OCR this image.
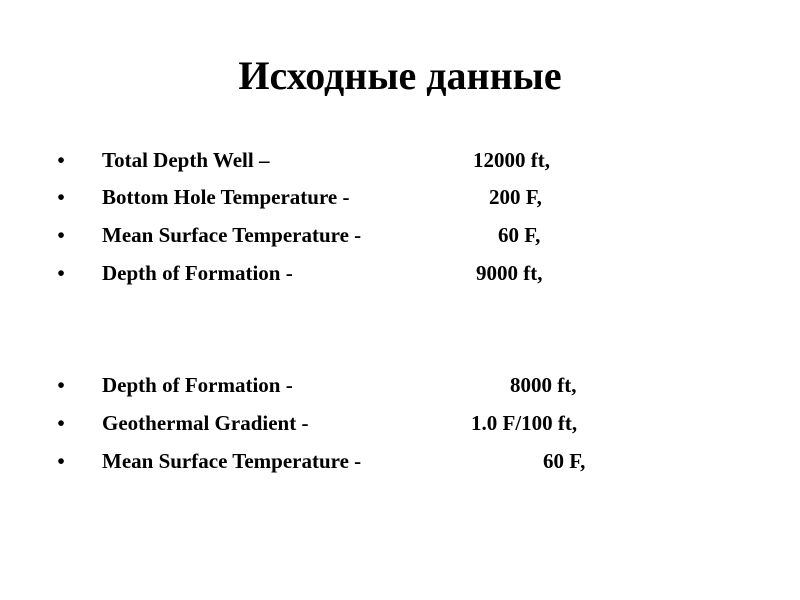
Исходные данные
• Total Depth Well –	12000 ft,
• Bottom Hole Temperature -	200 F,
• Mean Surface Temperature -	60 F,
• Depth of Formation -	9000 ft,
• Depth of Formation -	8000 ft,
• Geothermal Gradient -	1.0 F/100 ft,
• Mean Surface Temperature -	60 F,
